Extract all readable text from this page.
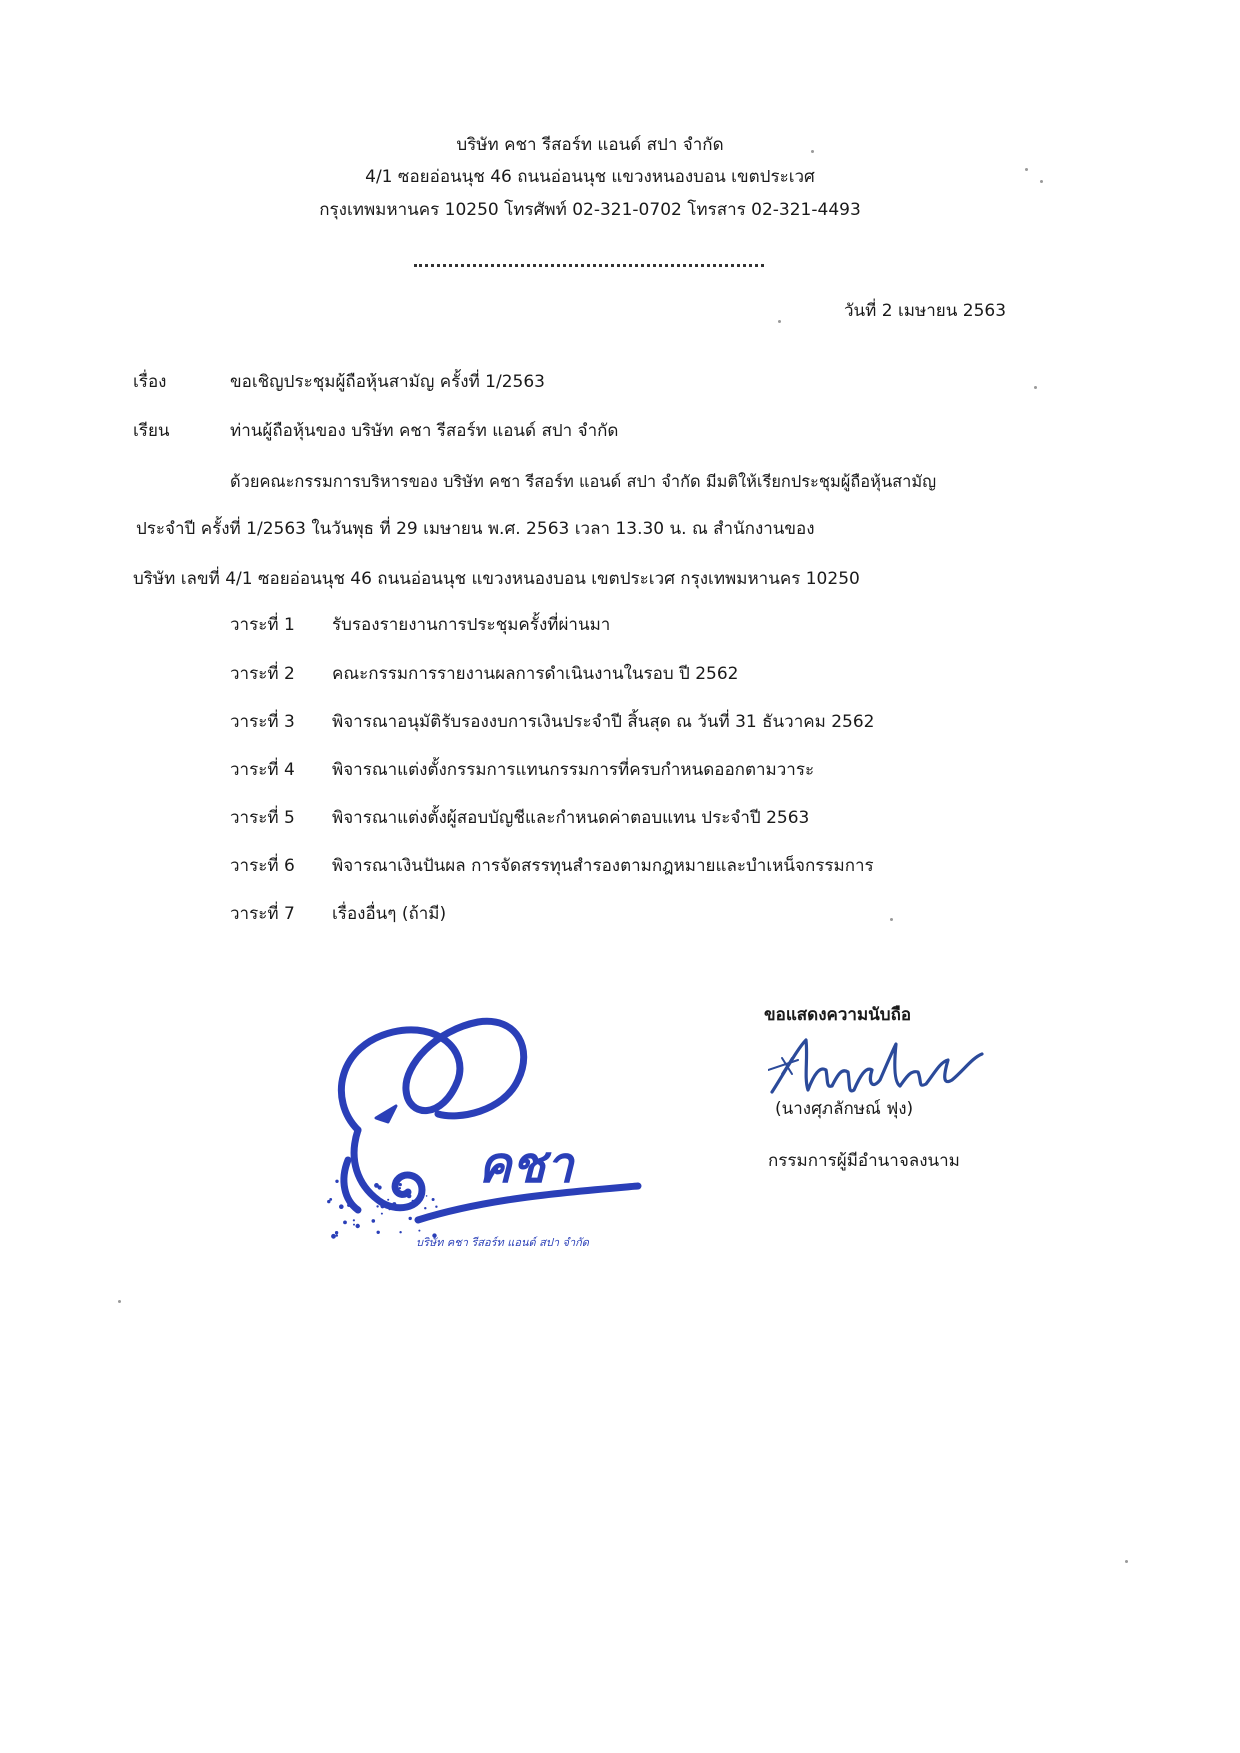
บริษัท คชา รีสอร์ท แอนด์ สปา จำกัด
4/1 ซอยอ่อนนุช 46 ถนนอ่อนนุช แขวงหนองบอน เขตประเวศ
กรุงเทพมหานคร 10250 โทรศัพท์ 02-321-0702 โทรสาร 02-321-4493
วันที่ 2 เมษายน 2563
เรื่อง	ขอเชิญประชุมผู้ถือหุ้นสามัญ ครั้งที่ 1/2563
เรียน	ท่านผู้ถือหุ้นของ บริษัท คชา รีสอร์ท แอนด์ สปา จำกัด
ด้วยคณะกรรมการบริหารของ บริษัท คชา รีสอร์ท แอนด์ สปา จำกัด มีมติให้เรียกประชุมผู้ถือหุ้นสามัญ
ประจำปี ครั้งที่ 1/2563 ในวันพุธ ที่ 29 เมษายน พ.ศ. 2563 เวลา 13.30 น. ณ สำนักงานของ
บริษัท เลขที่ 4/1 ซอยอ่อนนุช 46 ถนนอ่อนนุช แขวงหนองบอน เขตประเวศ กรุงเทพมหานคร 10250
วาระที่ 1 รับรองรายงานการประชุมครั้งที่ผ่านมา
วาระที่ 2 คณะกรรมการรายงานผลการดำเนินงานในรอบ ปี 2562
วาระที่ 3 พิจารณาอนุมัติรับรองงบการเงินประจำปี สิ้นสุด ณ วันที่ 31 ธันวาคม 2562
วาระที่ 4 พิจารณาแต่งตั้งกรรมการแทนกรรมการที่ครบกำหนดออกตามวาระ
วาระที่ 5 พิจารณาแต่งตั้งผู้สอบบัญชีและกำหนดค่าตอบแทน ประจำปี 2563
วาระที่ 6 พิจารณาเงินปันผล การจัดสรรทุนสำรองตามกฎหมายและบำเหน็จกรรมการ
วาระที่ 7 เรื่องอื่นๆ (ถ้ามี)
ขอแสดงความนับถือ
(นางศุภลักษณ์ ฟุง)
กรรมการผู้มีอำนาจลงนาม
คชา
บริษัท คชา รีสอร์ท แอนด์ สปา จำกัด
